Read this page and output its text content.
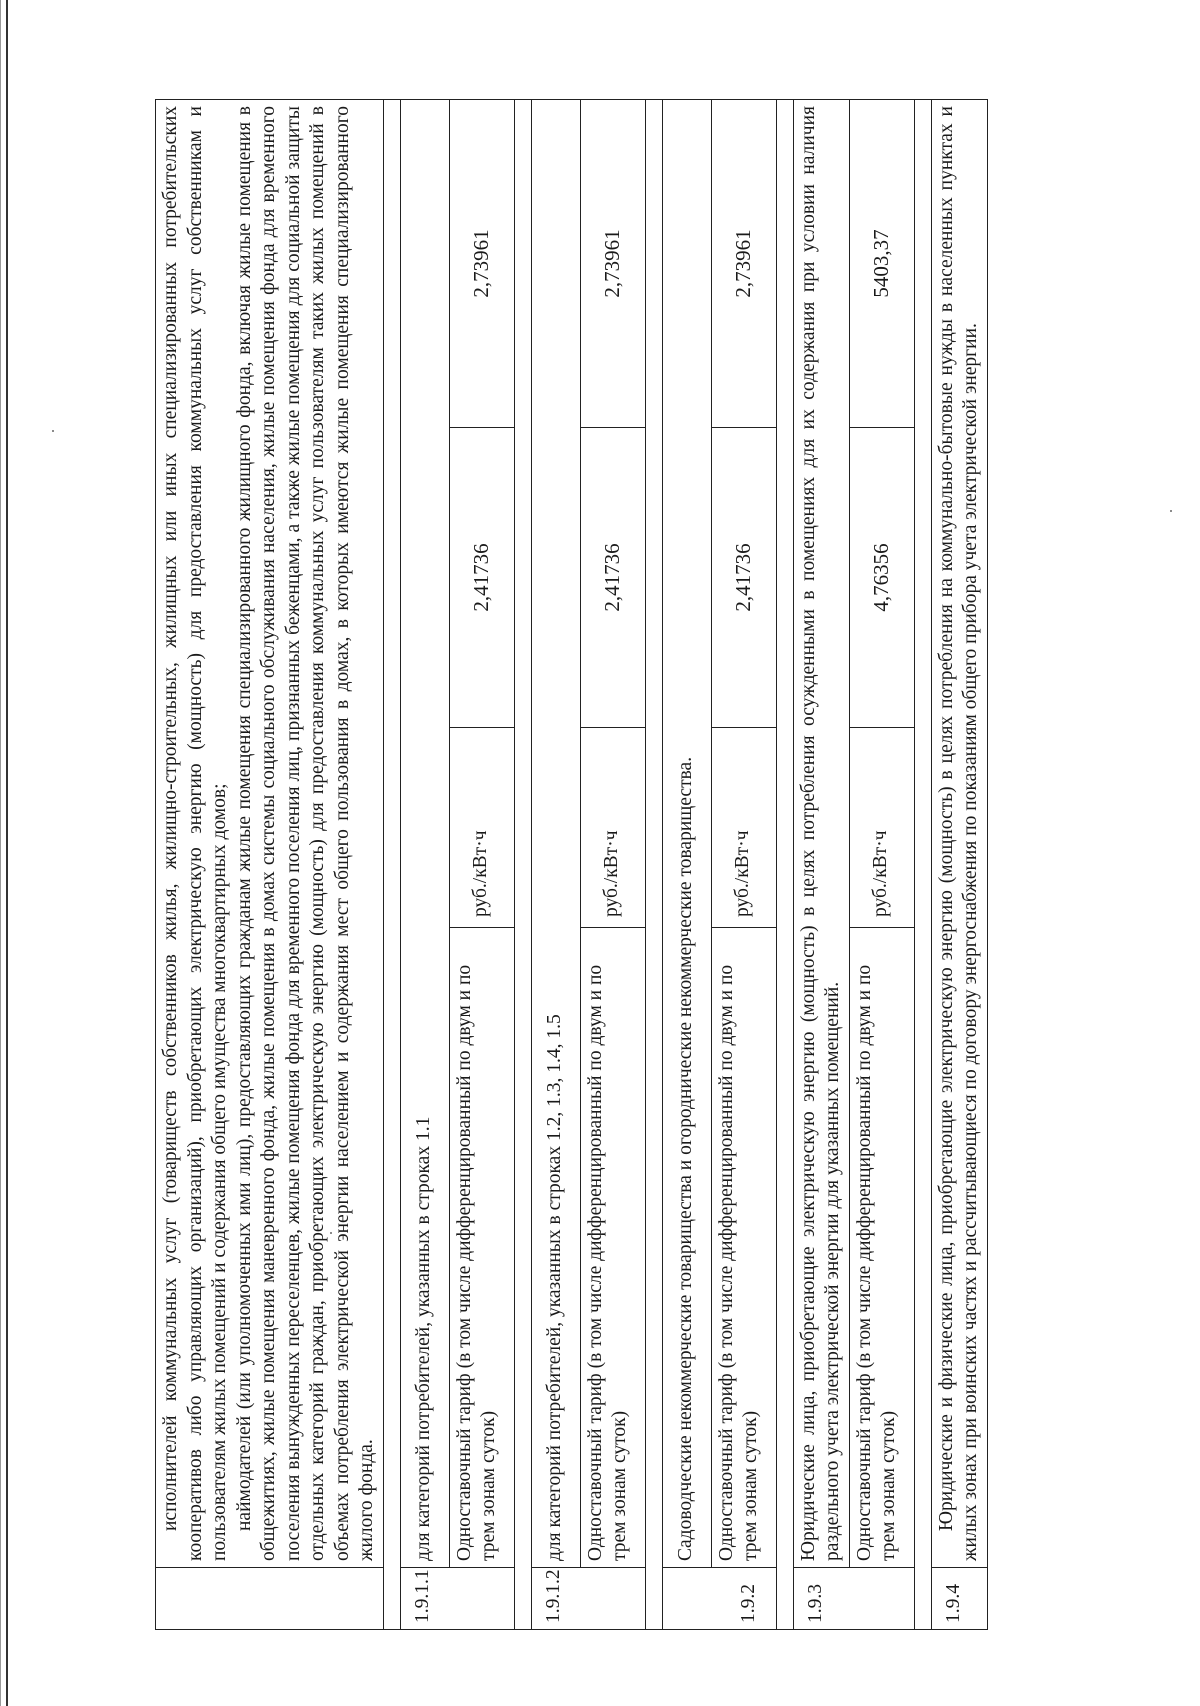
	исполнителей коммунальных услуг (товариществ собственников жилья, жилищно-строительных, жилищных или иных специализированных потребительских кооперативов либо управляющих организаций), приобретающих электрическую энергию (мощность) для предоставления коммунальных услуг собственникам и пользователям жилых помещений и содержания общего имущества многоквартирных домов; наймодателей (или уполномоченных ими лиц), предоставляющих гражданам жилые помещения специализированного жилищного фонда, включая жилые помещения в общежитиях, жилые помещения маневренного фонда, жилые помещения в домах системы социального обслуживания населения, жилые помещения фонда для временного поселения вынужденных переселенцев, жилые помещения фонда для временного поселения лиц, признанных беженцами, а также жилые помещения для социальной защиты отдельных категорий граждан, приобретающих электрическую энергию (мощность) для предоставления коммунальных услуг пользователям таких жилых помещений в объемах потребления электрической энергии населением и содержания мест общего пользования в домах, в которых имеются жилые помещения специализированного жилого фонда.			

1.9.1.1	для категорий потребителей, указанных в строках 1.1			
	Одноставочный тариф (в том числе дифференцированный по двум и по трем зонам суток)	руб./кВт·ч	2,41736	2,73961

1.9.1.2	для категорий потребителей, указанных в строках 1.2, 1.3, 1.4, 1.5			
	Одноставочный тариф (в том числе дифференцированный по двум и по трем зонам суток)	руб./кВт·ч	2,41736	2,73961

1.9.2	Садоводческие некоммерческие товарищества и огороднические некоммерческие товарищества.			
	Одноставочный тариф (в том числе дифференцированный по двум и по трем зонам суток)	руб./кВт·ч	2,41736	2,73961

1.9.3	Юридические лица, приобретающие электрическую энергию (мощность) в целях потребления осужденными в помещениях для их содержания при условии наличия раздельного учета электрической энергии для указанных помещений.			
	Одноставочный тариф (в том числе дифференцированный по двум и по трем зонам суток)	руб./кВт·ч	4,76356	5403,37

1.9.4	Юридические и физические лица, приобретающие электрическую энергию (мощность) в целях потребления на коммунально-бытовые нужды в населенных пунктах и жилых зонах при воинских частях и рассчитывающиеся по договору энергоснабжения по показаниям общего прибора учета электрической энергии.			
